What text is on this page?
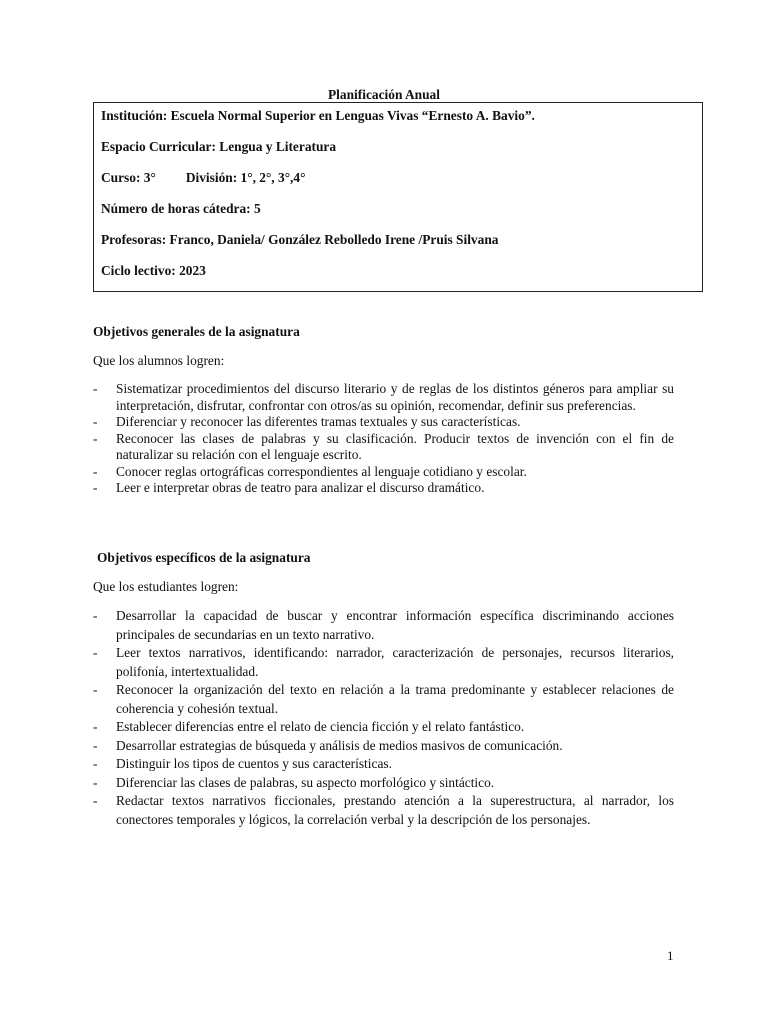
Planificación Anual

Institución: Escuela Normal Superior en Lenguas Vivas “Ernesto A. Bavio”.

Espacio Curricular: Lengua y Literatura

Curso: 3° División: 1°, 2°, 3°,4°

Número de horas cátedra: 5

Profesoras: Franco, Daniela/ González Rebolledo Irene /Pruis Silvana

Ciclo lectivo: 2023

Objetivos generales de la asignatura

Que los alumnos logren:

- Sistematizar procedimientos del discurso literario y de reglas de los distintos géneros para ampliar su interpretación, disfrutar, confrontar con otros/as su opinión, recomendar, definir sus preferencias.
- Diferenciar y reconocer las diferentes tramas textuales y sus características.
- Reconocer las clases de palabras y su clasificación. Producir textos de invención con el fin de naturalizar su relación con el lenguaje escrito.
- Conocer reglas ortográficas correspondientes al lenguaje cotidiano y escolar.
- Leer e interpretar obras de teatro para analizar el discurso dramático.

Objetivos específicos de la asignatura

Que los estudiantes logren:

- Desarrollar la capacidad de buscar y encontrar información específica discriminando acciones principales de secundarias en un texto narrativo.
- Leer textos narrativos, identificando: narrador, caracterización de personajes, recursos literarios, polifonía, intertextualidad.
- Reconocer la organización del texto en relación a la trama predominante y establecer relaciones de coherencia y cohesión textual.
- Establecer diferencias entre el relato de ciencia ficción y el relato fantástico.
- Desarrollar estrategias de búsqueda y análisis de medios masivos de comunicación.
- Distinguir los tipos de cuentos y sus características.
- Diferenciar las clases de palabras, su aspecto morfológico y sintáctico.
- Redactar textos narrativos ficcionales, prestando atención a la superestructura, al narrador, los conectores temporales y lógicos, la correlación verbal y la descripción de los personajes.
1
